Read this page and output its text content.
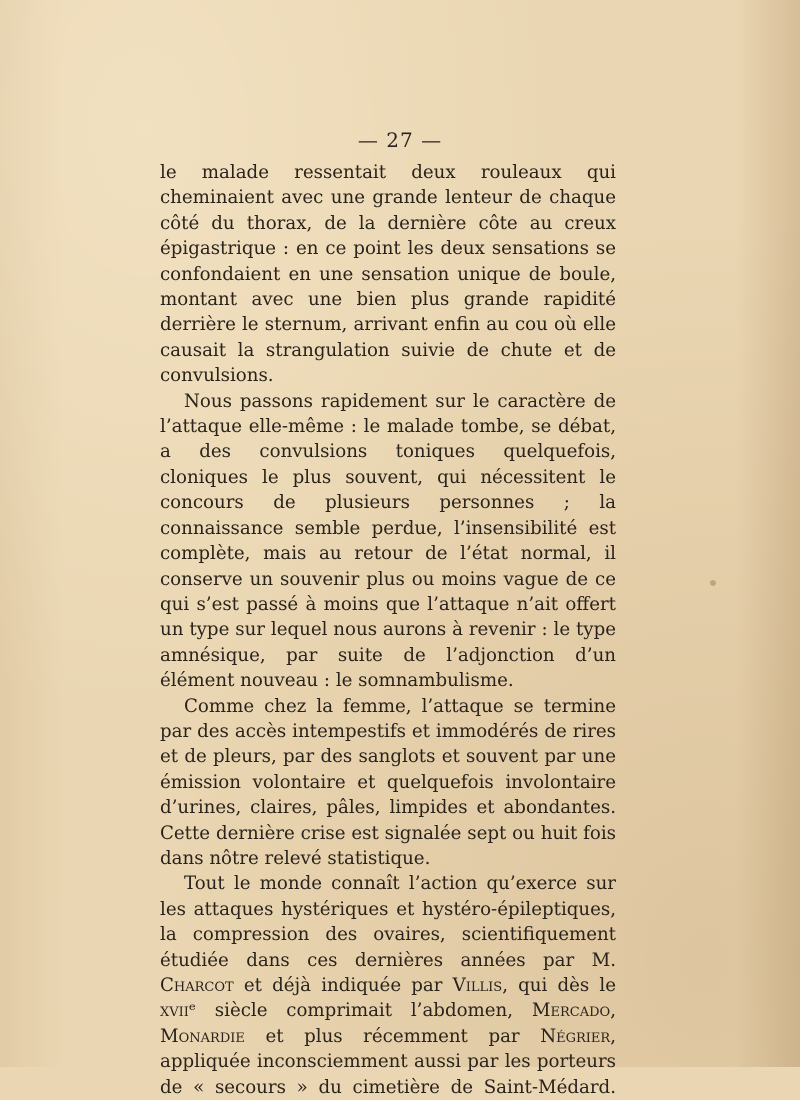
— 27 —

le malade ressentait deux rouleaux qui cheminaient avec une grande lenteur de chaque côté du thorax, de la dernière côte au creux épigastrique : en ce point les deux sensations se confondaient en une sensation unique de boule, montant avec une bien plus grande rapidité derrière le sternum, arrivant enfin au cou où elle causait la strangulation suivie de chute et de convulsions.

Nous passons rapidement sur le caractère de l’attaque elle-même : le malade tombe, se débat, a des convulsions toniques quelquefois, cloniques le plus souvent, qui nécessitent le concours de plusieurs personnes ; la connaissance semble perdue, l’insensibilité est complète, mais au retour de l’état normal, il conserve un souvenir plus ou moins vague de ce qui s’est passé à moins que l’attaque n’ait offert un type sur lequel nous aurons à revenir : le type amnésique, par suite de l’adjonction d’un élément nouveau : le somnambulisme.

Comme chez la femme, l’attaque se termine par des accès intempestifs et immodérés de rires et de pleurs, par des sanglots et souvent par une émission volontaire et quelquefois involontaire d’urines, claires, pâles, limpides et abondantes. Cette dernière crise est signalée sept ou huit fois dans nôtre relevé statistique.

Tout le monde connaît l’action qu’exerce sur les attaques hystériques et hystéro-épileptiques, la compression des ovaires, scientifiquement étudiée dans ces dernières années par M. Charcot et déjà indiquée par Villis, qui dès le xviiᵉ siècle comprimait l’abdomen, Mercado, Monardie et plus récemment par Négrier, appliquée inconsciemment aussi par les porteurs de « secours » du cimetière de Saint-Médard.
